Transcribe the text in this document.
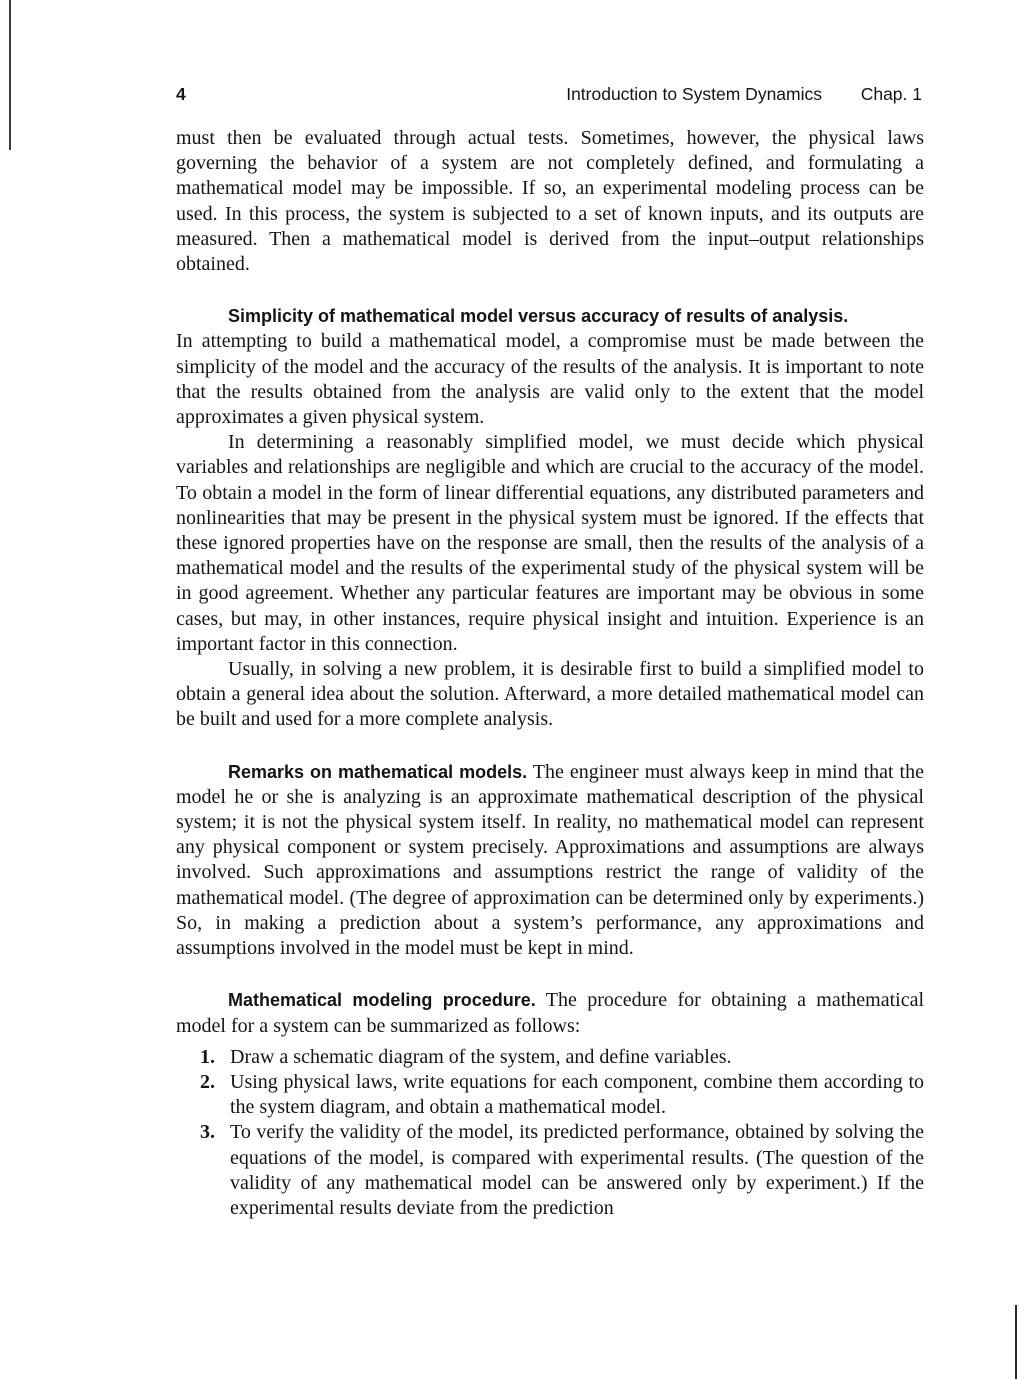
4	Introduction to System Dynamics Chap. 1

must then be evaluated through actual tests. Sometimes, however, the physical laws governing the behavior of a system are not completely defined, and formulating a mathematical model may be impossible. If so, an experimental modeling process can be used. In this process, the system is subjected to a set of known inputs, and its outputs are measured. Then a mathematical model is derived from the input–output relationships obtained.

Simplicity of mathematical model versus accuracy of results of analysis.

In attempting to build a mathematical model, a compromise must be made between the simplicity of the model and the accuracy of the results of the analysis. It is important to note that the results obtained from the analysis are valid only to the extent that the model approximates a given physical system.

In determining a reasonably simplified model, we must decide which physical variables and relationships are negligible and which are crucial to the accuracy of the model. To obtain a model in the form of linear differential equations, any distributed parameters and nonlinearities that may be present in the physical system must be ignored. If the effects that these ignored properties have on the response are small, then the results of the analysis of a mathematical model and the results of the experimental study of the physical system will be in good agreement. Whether any particular features are important may be obvious in some cases, but may, in other instances, require physical insight and intuition. Experience is an important factor in this connection.

Usually, in solving a new problem, it is desirable first to build a simplified model to obtain a general idea about the solution. Afterward, a more detailed mathematical model can be built and used for a more complete analysis.

Remarks on mathematical models. The engineer must always keep in mind that the model he or she is analyzing is an approximate mathematical description of the physical system; it is not the physical system itself. In reality, no mathematical model can represent any physical component or system precisely. Approximations and assumptions are always involved. Such approximations and assumptions restrict the range of validity of the mathematical model. (The degree of approximation can be determined only by experiments.) So, in making a prediction about a system’s performance, any approximations and assumptions involved in the model must be kept in mind.

Mathematical modeling procedure. The procedure for obtaining a mathematical model for a system can be summarized as follows:

1. Draw a schematic diagram of the system, and define variables.
2. Using physical laws, write equations for each component, combine them according to the system diagram, and obtain a mathematical model.
3. To verify the validity of the model, its predicted performance, obtained by solving the equations of the model, is compared with experimental results. (The question of the validity of any mathematical model can be answered only by experiment.) If the experimental results deviate from the prediction
